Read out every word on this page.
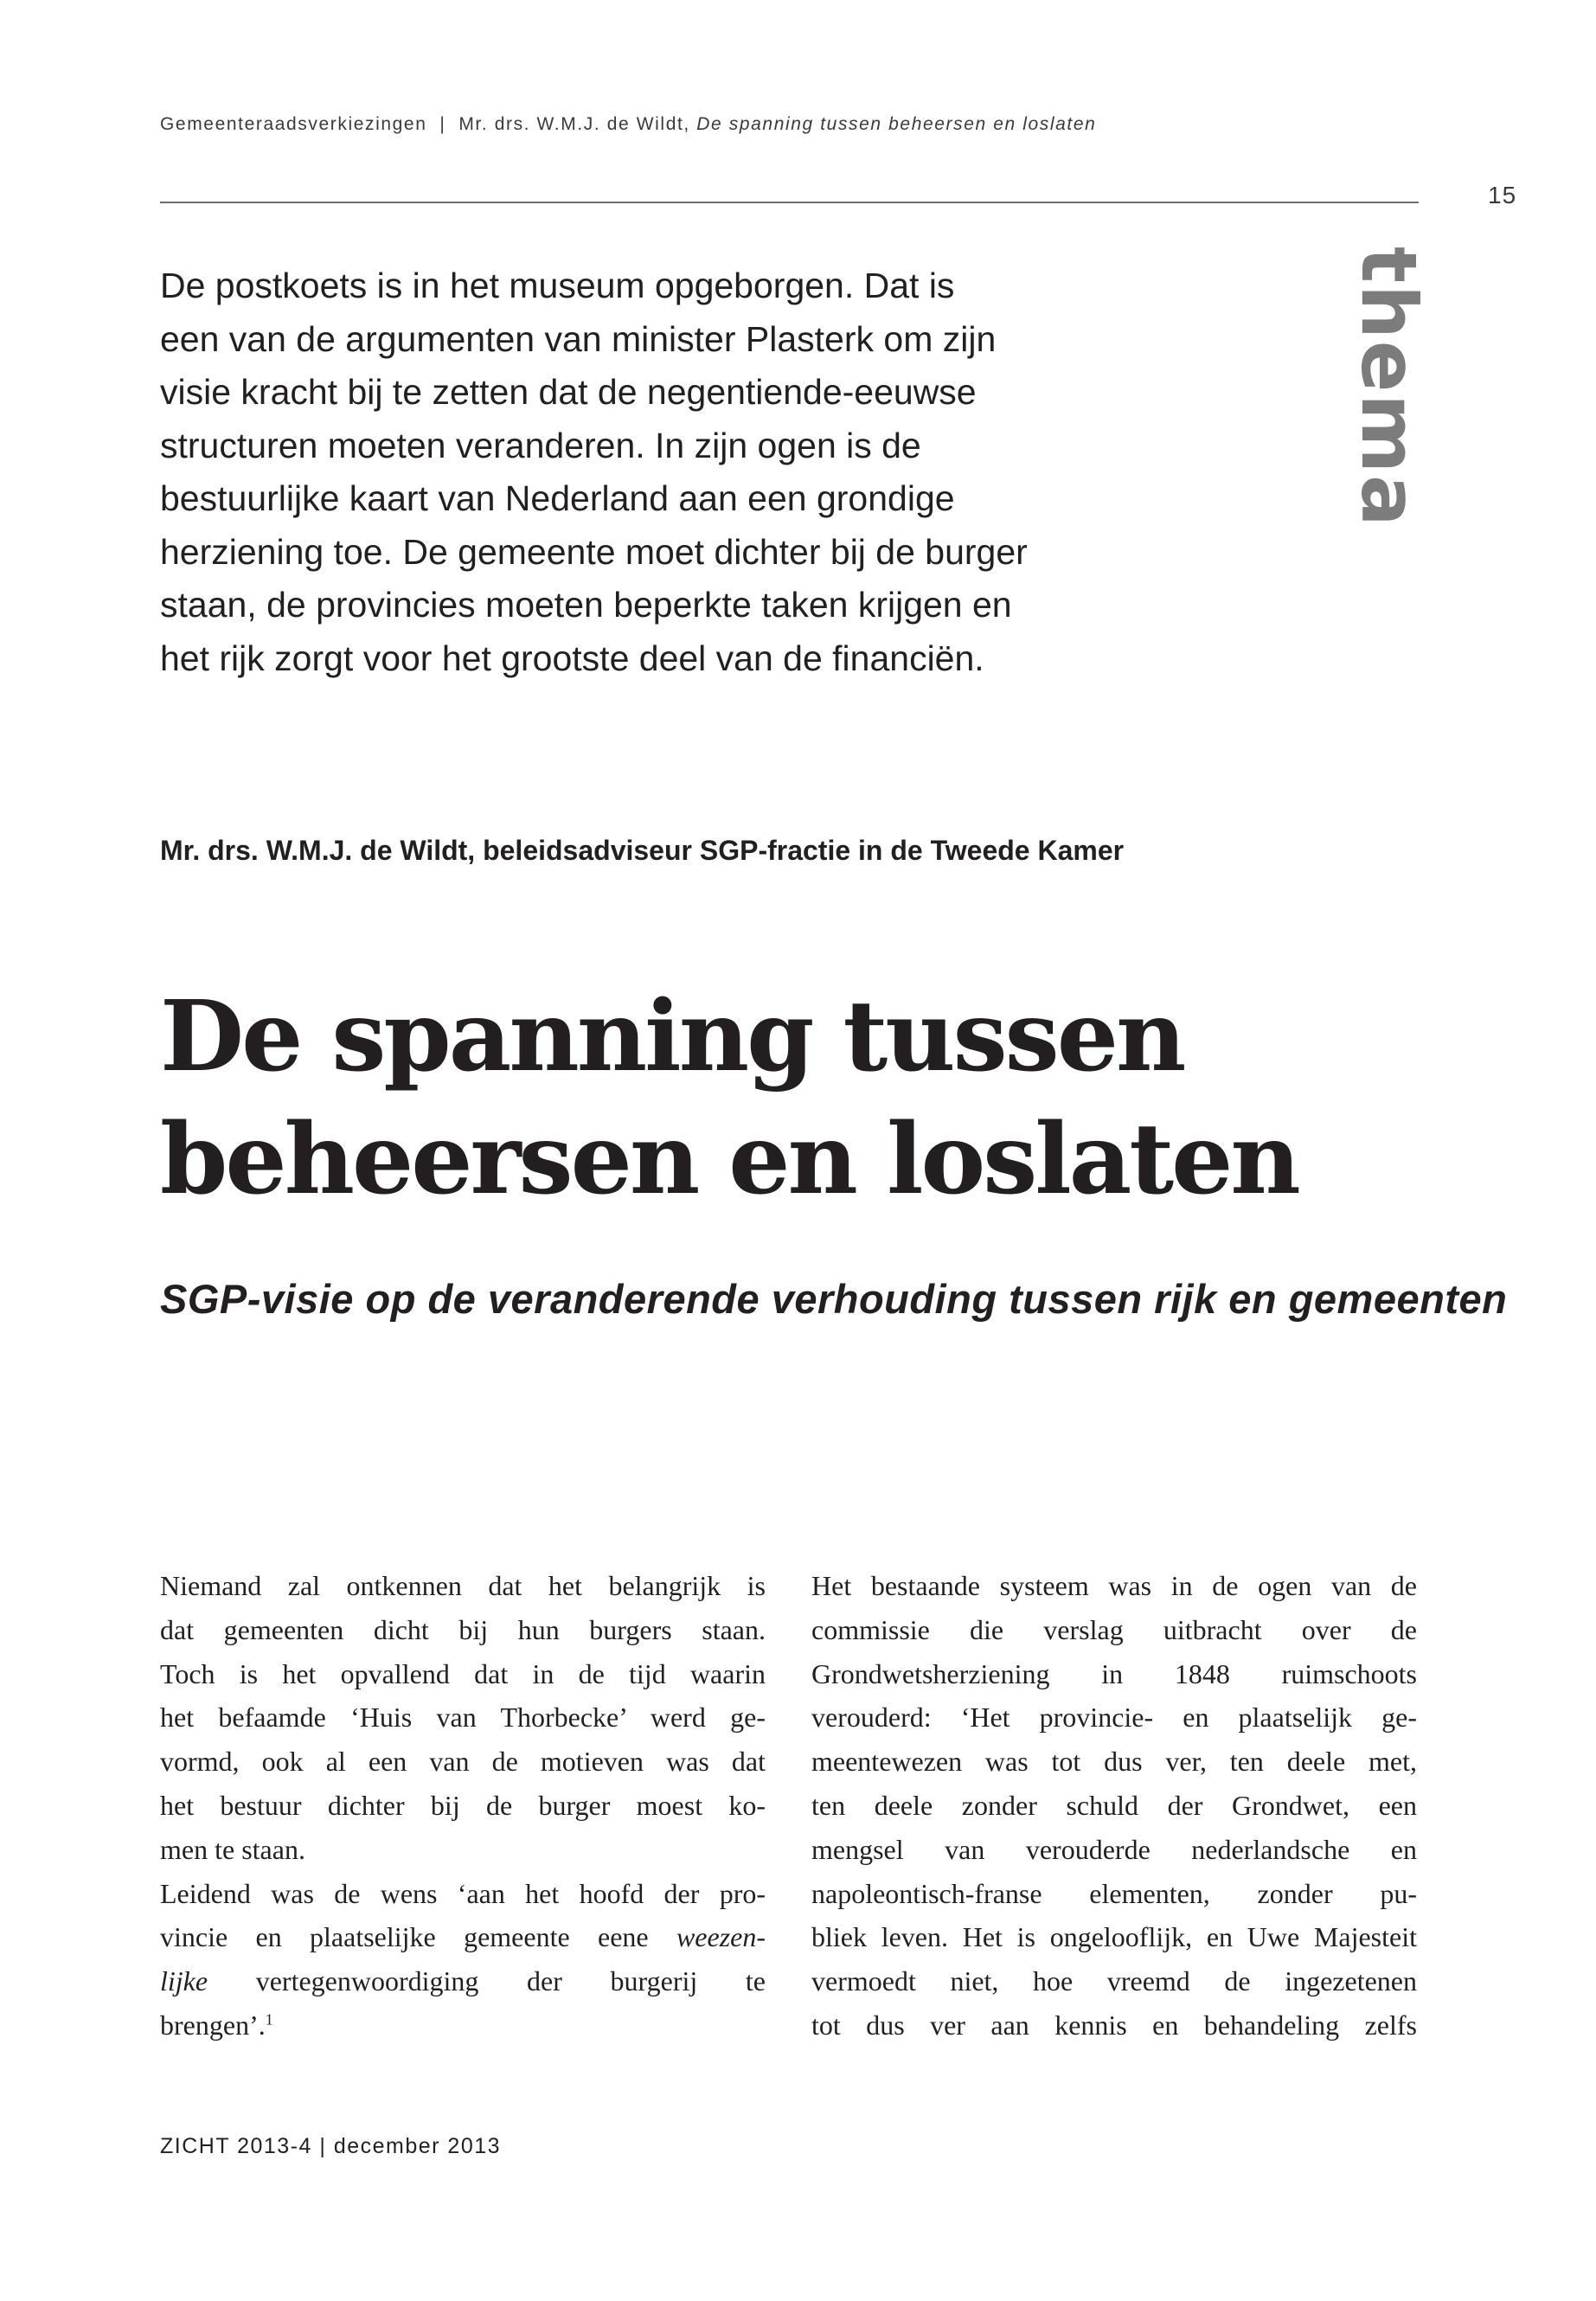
Gemeenteraadsverkiezingen | Mr. drs. W.M.J. de Wildt, De spanning tussen beheersen en loslaten
15
thema

De postkoets is in het museum opgeborgen. Dat is
een van de argumenten van minister Plasterk om zijn
visie kracht bij te zetten dat de negentiende-eeuwse
structuren moeten veranderen. In zijn ogen is de
bestuurlijke kaart van Nederland aan een grondige
herziening toe. De gemeente moet dichter bij de burger
staan, de provincies moeten beperkte taken krijgen en
het rijk zorgt voor het grootste deel van de financiën.

Mr. drs. W.M.J. de Wildt, beleidsadviseur SGP-fractie in de Tweede Kamer
De spanning tussen
beheersen en loslaten
SGP-visie op de veranderende verhouding tussen rijk en gemeenten
Niemand zal ontkennen dat het belangrijk is
dat gemeenten dicht bij hun burgers staan.
Toch is het opvallend dat in de tijd waarin
het befaamde ‘Huis van Thorbecke’ werd ge-
vormd, ook al een van de motieven was dat
het bestuur dichter bij de burger moest ko-
men te staan.
Leidend was de wens ‘aan het hoofd der pro-
vincie en plaatselijke gemeente eene weezen-
lijke vertegenwoordiging der burgerij te
brengen’.$^1$
Het bestaande systeem was in de ogen van de
commissie die verslag uitbracht over de
Grondwetsherziening in 1848 ruimschoots
verouderd: ‘Het provincie- en plaatselijk ge-
meentewezen was tot dus ver, ten deele met,
ten deele zonder schuld der Grondwet, een
mengsel van verouderde nederlandsche en
napoleontisch-franse elementen, zonder pu-
bliek leven. Het is ongelooflijk, en Uwe Majesteit
vermoedt niet, hoe vreemd de ingezetenen
tot dus ver aan kennis en behandeling zelfs
ZICHT 2013-4 | december 2013
